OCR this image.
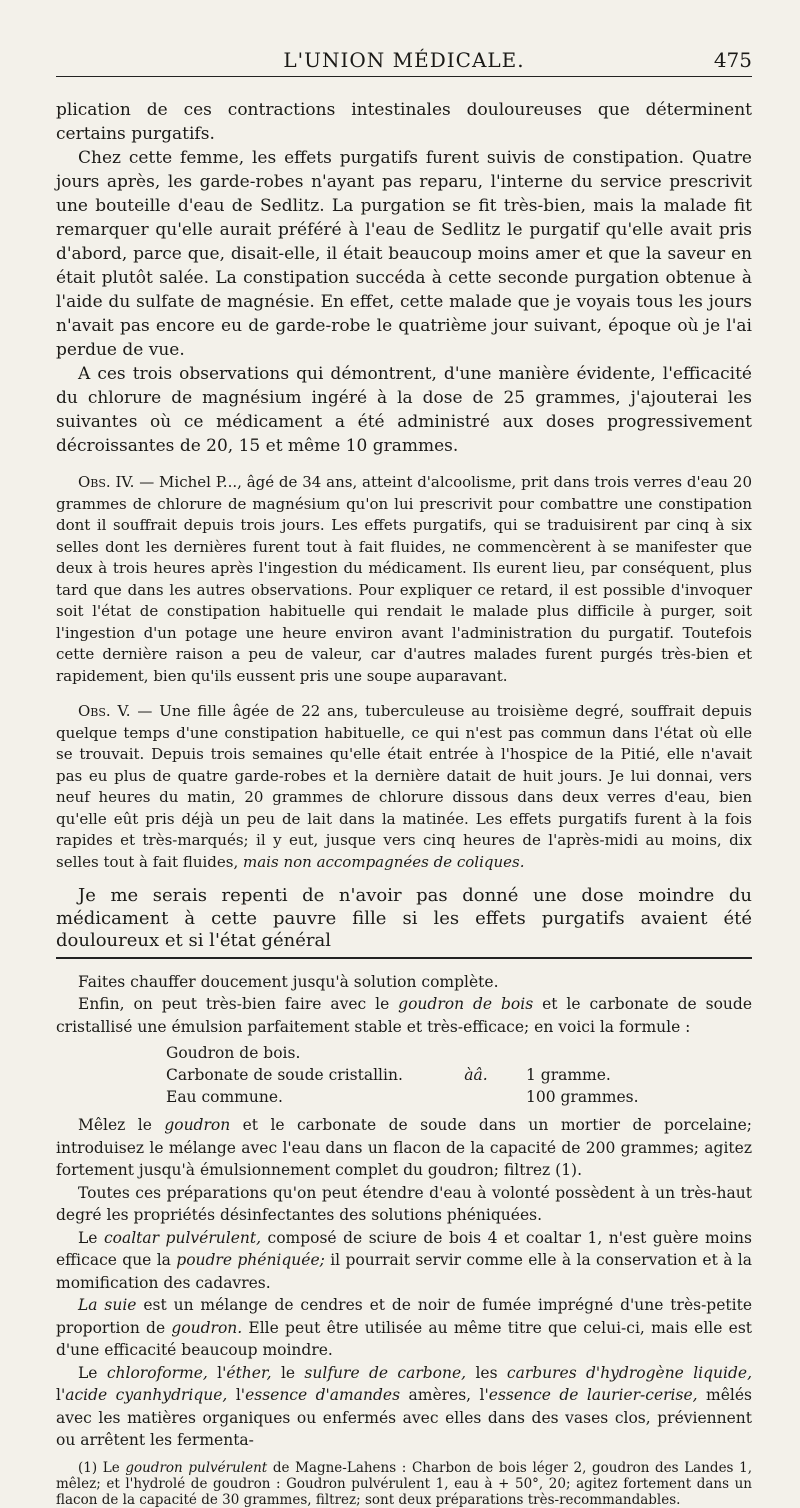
L'UNION MÉDICALE.	475

plication de ces contractions intestinales douloureuses que déterminent certains purgatifs.

Chez cette femme, les effets purgatifs furent suivis de constipation. Quatre jours après, les garde-robes n'ayant pas reparu, l'interne du service prescrivit une bouteille d'eau de Sedlitz. La purgation se fit très-bien, mais la malade fit remarquer qu'elle aurait préféré à l'eau de Sedlitz le purgatif qu'elle avait pris d'abord, parce que, disait-elle, il était beaucoup moins amer et que la saveur en était plutôt salée. La constipation succéda à cette seconde purgation obtenue à l'aide du sulfate de magnésie. En effet, cette malade que je voyais tous les jours n'avait pas encore eu de garde-robe le quatrième jour suivant, époque où je l'ai perdue de vue.

A ces trois observations qui démontrent, d'une manière évidente, l'efficacité du chlorure de magnésium ingéré à la dose de 25 grammes, j'ajouterai les suivantes où ce médicament a été administré aux doses progressivement décroissantes de 20, 15 et même 10 grammes.

Obs. IV. — Michel P..., âgé de 34 ans, atteint d'alcoolisme, prit dans trois verres d'eau 20 grammes de chlorure de magnésium qu'on lui prescrivit pour combattre une constipation dont il souffrait depuis trois jours. Les effets purgatifs, qui se traduisirent par cinq à six selles dont les dernières furent tout à fait fluides, ne commencèrent à se manifester que deux à trois heures après l'ingestion du médicament. Ils eurent lieu, par conséquent, plus tard que dans les autres observations. Pour expliquer ce retard, il est possible d'invoquer soit l'état de constipation habituelle qui rendait le malade plus difficile à purger, soit l'ingestion d'un potage une heure environ avant l'administration du purgatif. Toutefois cette dernière raison a peu de valeur, car d'autres malades furent purgés très-bien et rapidement, bien qu'ils eussent pris une soupe auparavant.

Obs. V. — Une fille âgée de 22 ans, tuberculeuse au troisième degré, souffrait depuis quelque temps d'une constipation habituelle, ce qui n'est pas commun dans l'état où elle se trouvait. Depuis trois semaines qu'elle était entrée à l'hospice de la Pitié, elle n'avait pas eu plus de quatre garde-robes et la dernière datait de huit jours. Je lui donnai, vers neuf heures du matin, 20 grammes de chlorure dissous dans deux verres d'eau, bien qu'elle eût pris déjà un peu de lait dans la matinée. Les effets purgatifs furent à la fois rapides et très-marqués; il y eut, jusque vers cinq heures de l'après-midi au moins, dix selles tout à fait fluides, mais non accompagnées de coliques.

Je me serais repenti de n'avoir pas donné une dose moindre du médicament à cette pauvre fille si les effets purgatifs avaient été douloureux et si l'état général

Faites chauffer doucement jusqu'à solution complète.

Enfin, on peut très-bien faire avec le goudron de bois et le carbonate de soude cristallisé une émulsion parfaitement stable et très-efficace; en voici la formule :

Goudron de bois.
Carbonate de soude cristallin.	àâ.	1 gramme.
Eau commune.	100 grammes.

Mêlez le goudron et le carbonate de soude dans un mortier de porcelaine; introduisez le mélange avec l'eau dans un flacon de la capacité de 200 grammes; agitez fortement jusqu'à émulsionnement complet du goudron; filtrez (1).

Toutes ces préparations qu'on peut étendre d'eau à volonté possèdent à un très-haut degré les propriétés désinfectantes des solutions phéniquées.

Le coaltar pulvérulent, composé de sciure de bois 4 et coaltar 1, n'est guère moins efficace que la poudre phéniquée; il pourrait servir comme elle à la conservation et à la momification des cadavres.

La suie est un mélange de cendres et de noir de fumée imprégné d'une très-petite proportion de goudron. Elle peut être utilisée au même titre que celui-ci, mais elle est d'une efficacité beaucoup moindre.

Le chloroforme, l'éther, le sulfure de carbone, les carbures d'hydrogène liquide, l'acide cyanhydrique, l'essence d'amandes amères, l'essence de laurier-cerise, mêlés avec les matières organiques ou enfermés avec elles dans des vases clos, préviennent ou arrêtent les fermenta-

(1) Le goudron pulvérulent de Magne-Lahens : Charbon de bois léger 2, goudron des Landes 1, mêlez; et l'hydrolé de goudron : Goudron pulvérulent 1, eau à + 50°, 20; agitez fortement dans un flacon de la capacité de 30 grammes, filtrez; sont deux préparations très-recommandables.
